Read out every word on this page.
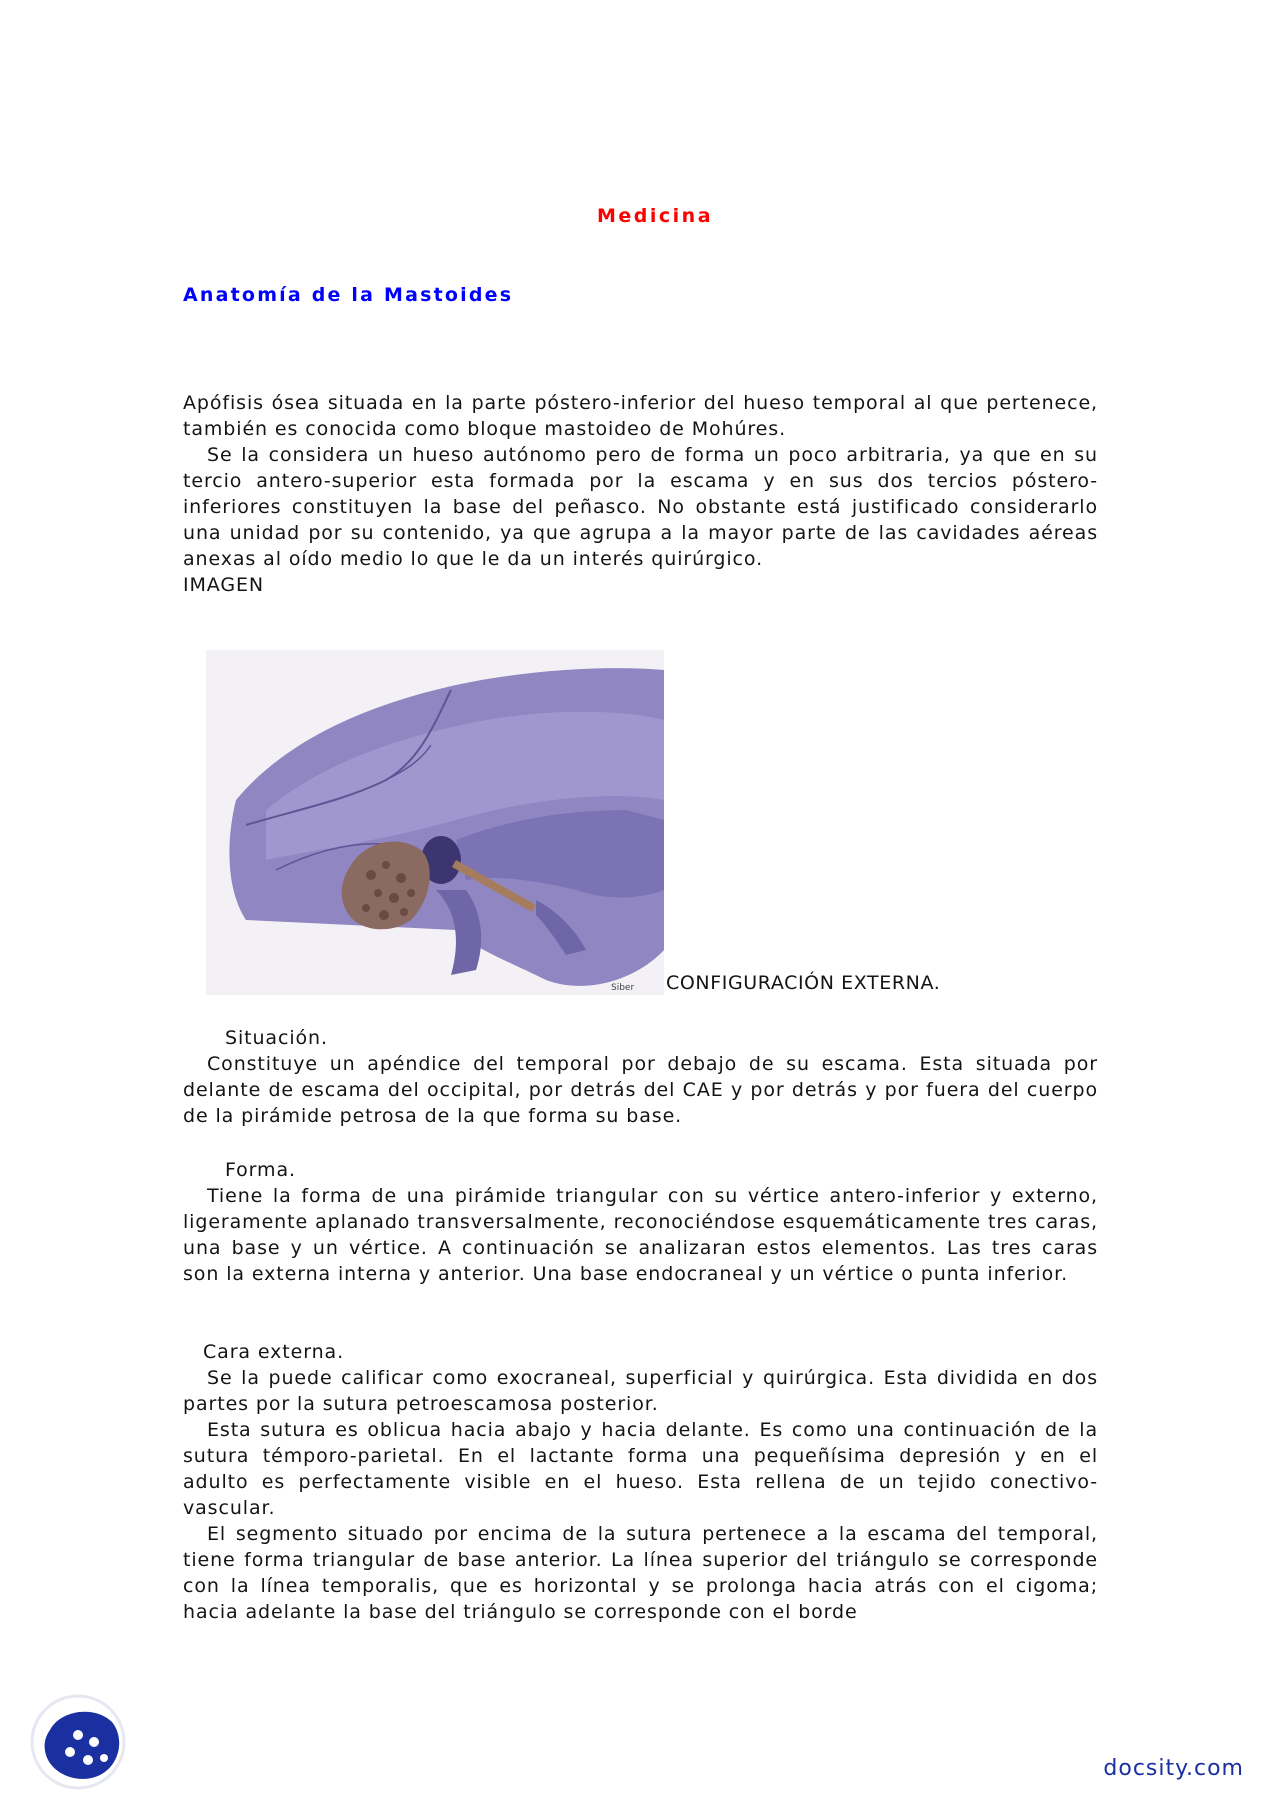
Medicina
Anatomía de la Mastoides

Apófisis ósea situada en la parte póstero-inferior del hueso temporal al que pertenece, también es conocida como bloque mastoideo de Mohúres.

Se la considera un hueso autónomo pero de forma un poco arbitraria, ya que en su tercio antero-superior esta formada por la escama y en sus dos tercios póstero-inferiores constituyen la base del peñasco. No obstante está justificado considerarlo una unidad por su contenido, ya que agrupa a la mayor parte de las cavidades aéreas anexas al oído medio lo que le da un interés quirúrgico.

IMAGEN

Siber CONFIGURACIÓN EXTERNA.

Situación.

Constituye un apéndice del temporal por debajo de su escama. Esta situada por delante de escama del occipital, por detrás del CAE y por detrás y por fuera del cuerpo de la pirámide petrosa de la que forma su base.

Forma.

Tiene la forma de una pirámide triangular con su vértice antero-inferior y externo, ligeramente aplanado transversalmente, reconociéndose esquemáticamente tres caras, una base y un vértice. A continuación se analizaran estos elementos. Las tres caras son la externa interna y anterior. Una base endocraneal y un vértice o punta inferior.

Cara externa.

Se la puede calificar como exocraneal, superficial y quirúrgica. Esta dividida en dos partes por la sutura petroescamosa posterior.

Esta sutura es oblicua hacia abajo y hacia delante. Es como una continuación de la sutura témporo-parietal. En el lactante forma una pequeñísima depresión y en el adulto es perfectamente visible en el hueso. Esta rellena de un tejido conectivo-vascular.

El segmento situado por encima de la sutura pertenece a la escama del temporal, tiene forma triangular de base anterior. La línea superior del triángulo se corresponde con la línea temporalis, que es horizontal y se prolonga hacia atrás con el cigoma; hacia adelante la base del triángulo se corresponde con el borde

docsity.com
